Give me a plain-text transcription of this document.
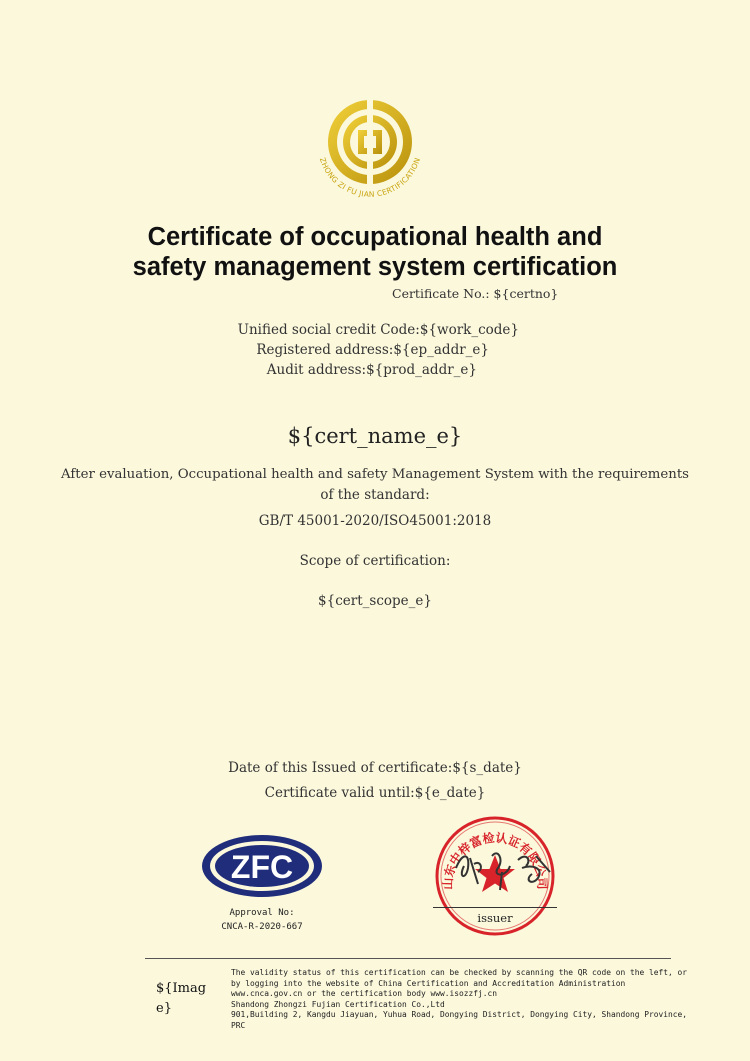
ZHONG ZI FU JIAN CERTIFICATION
Certificate of occupational health and
safety management system certification
Certificate No.: ${certno}
Unified social credit Code:${work_code}
Registered address:${ep_addr_e}
Audit address:${prod_addr_e}
${cert_name_e}
After evaluation, Occupational health and safety Management System with the requirements
of the standard:
GB/T 45001-2020/ISO45001:2018
Scope of certification:
${cert_scope_e}
Date of this Issued of certificate:${s_date}
Certificate valid until:${e_date}
ZFC
Approval No:
CNCA-R-2020-667
山东中梓富检认证有限公司
issuer
${Imag
e}
The validity status of this certification can be checked by scanning the QR code on the left, or
by logging into the website of China Certification and Accreditation Administration
www.cnca.gov.cn or the certification body www.isozzfj.cn
Shandong Zhongzi Fujian Certification Co.,Ltd
901,Building 2, Kangdu Jiayuan, Yuhua Road, Dongying District, Dongying City, Shandong Province,
PRC
